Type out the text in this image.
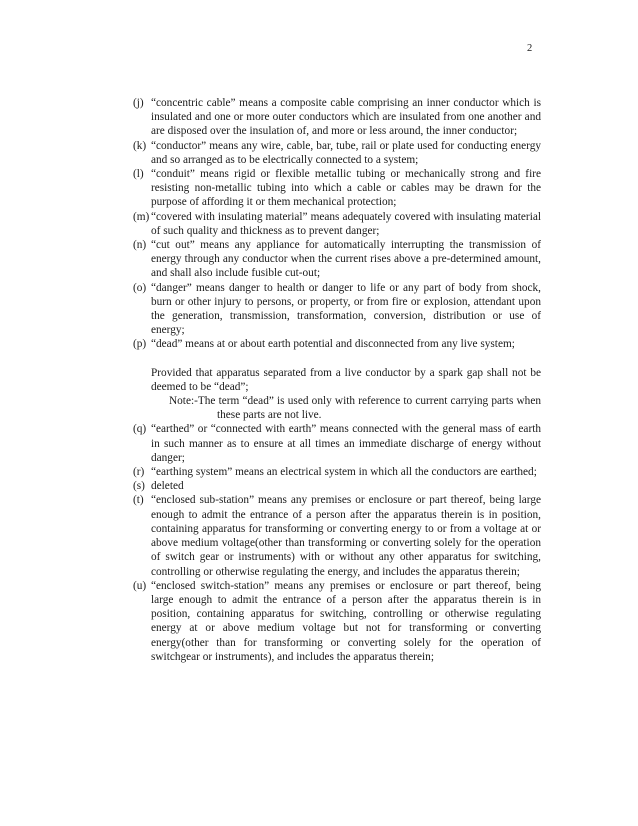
2
(j) “concentric cable” means a composite cable comprising an inner conductor which is insulated and one or more outer conductors which are insulated from one another and are disposed over the insulation of, and more or less around, the inner conductor;
(k) “conductor” means any wire, cable, bar, tube, rail or plate used for conducting energy and so arranged as to be electrically connected to a system;
(l) “conduit” means rigid or flexible metallic tubing or mechanically strong and fire resisting non-metallic tubing into which a cable or cables may be drawn for the purpose of affording it or them mechanical protection;
(m) “covered with insulating material” means adequately covered with insulating material of such quality and thickness as to prevent danger;
(n) “cut out” means any appliance for automatically interrupting the transmission of energy through any conductor when the current rises above a pre-determined amount, and shall also include fusible cut-out;
(o) “danger” means danger to health or danger to life or any part of body from shock, burn or other injury to persons, or property, or from fire or explosion, attendant upon the generation, transmission, transformation, conversion, distribution or use of energy;
(p) “dead” means at or about earth potential and disconnected from any live system;
Provided that apparatus separated from a live conductor by a spark gap shall not be deemed to be “dead”;
Note:-The term “dead” is used only with reference to current carrying parts when these parts are not live.
(q) “earthed” or “connected with earth” means connected with the general mass of earth in such manner as to ensure at all times an immediate discharge of energy without danger;
(r) “earthing system” means an electrical system in which all the conductors are earthed;
(s) deleted
(t) “enclosed sub-station” means any premises or enclosure or part thereof, being large enough to admit the entrance of a person after the apparatus therein is in position, containing apparatus for transforming or converting energy to or from a voltage at or above medium voltage(other than transforming or converting solely for the operation of switch gear or instruments) with or without any other apparatus for switching, controlling or otherwise regulating the energy, and includes the apparatus therein;
(u) “enclosed switch-station” means any premises or enclosure or part thereof, being large enough to admit the entrance of a person after the apparatus therein is in position, containing apparatus for switching, controlling or otherwise regulating energy at or above medium voltage but not for transforming or converting energy(other than for transforming or converting solely for the operation of switchgear or instruments), and includes the apparatus therein;
